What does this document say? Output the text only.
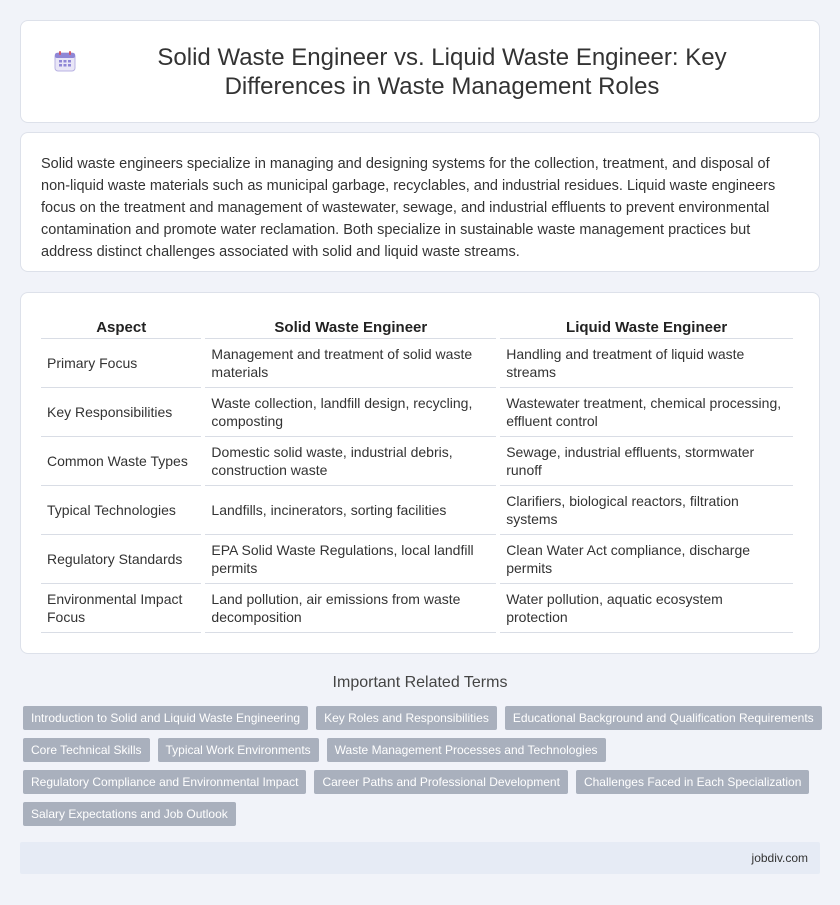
Solid Waste Engineer vs. Liquid Waste Engineer: Key Differences in Waste Management Roles

Solid waste engineers specialize in managing and designing systems for the collection, treatment, and disposal of non-liquid waste materials such as municipal garbage, recyclables, and industrial residues. Liquid waste engineers focus on the treatment and management of wastewater, sewage, and industrial effluents to prevent environmental contamination and promote water reclamation. Both specialize in sustainable waste management practices but address distinct challenges associated with solid and liquid waste streams.

Aspect	Solid Waste Engineer	Liquid Waste Engineer
Primary Focus	Management and treatment of solid waste materials	Handling and treatment of liquid waste streams
Key Responsibilities	Waste collection, landfill design, recycling, composting	Wastewater treatment, chemical processing, effluent control
Common Waste Types	Domestic solid waste, industrial debris, construction waste	Sewage, industrial effluents, stormwater runoff
Typical Technologies	Landfills, incinerators, sorting facilities	Clarifiers, biological reactors, filtration systems
Regulatory Standards	EPA Solid Waste Regulations, local landfill permits	Clean Water Act compliance, discharge permits
Environmental Impact Focus	Land pollution, air emissions from waste decomposition	Water pollution, aquatic ecosystem protection
Important Related Terms
Introduction to Solid and Liquid Waste Engineering	Key Roles and Responsibilities	Educational Background and Qualification Requirements
Core Technical Skills	Typical Work Environments	Waste Management Processes and Technologies
Regulatory Compliance and Environmental Impact	Career Paths and Professional Development	Challenges Faced in Each Specialization
Salary Expectations and Job Outlook
jobdiv.com
